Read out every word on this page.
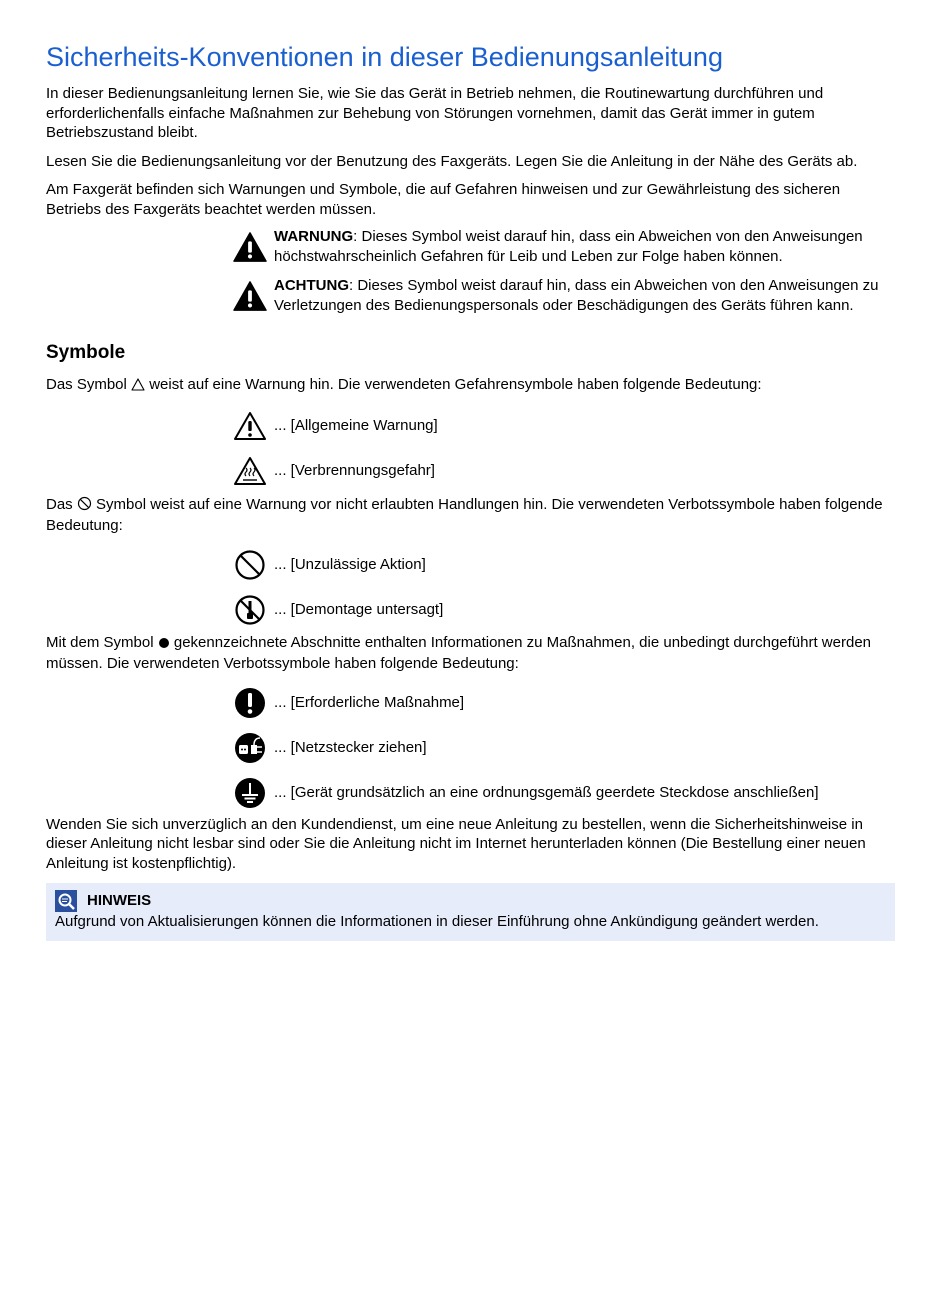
Sicherheits-Konventionen in dieser Bedienungsanleitung

In dieser Bedienungsanleitung lernen Sie, wie Sie das Gerät in Betrieb nehmen, die Routinewartung durchführen und erforderlichenfalls einfache Maßnahmen zur Behebung von Störungen vornehmen, damit das Gerät immer in gutem Betriebszustand bleibt.

Lesen Sie die Bedienungsanleitung vor der Benutzung des Faxgeräts. Legen Sie die Anleitung in der Nähe des Geräts ab.

Am Faxgerät befinden sich Warnungen und Symbole, die auf Gefahren hinweisen und zur Gewährleistung des sicheren Betriebs des Faxgeräts beachtet werden müssen.

WARNUNG: Dieses Symbol weist darauf hin, dass ein Abweichen von den Anweisungen höchstwahrscheinlich Gefahren für Leib und Leben zur Folge haben können.
ACHTUNG: Dieses Symbol weist darauf hin, dass ein Abweichen von den Anweisungen zu Verletzungen des Bedienungspersonals oder Beschädigungen des Geräts führen kann.
Symbole

Das Symbol  weist auf eine Warnung hin. Die verwendeten Gefahrensymbole haben folgende Bedeutung:

... [Allgemeine Warnung]
... [Verbrennungsgefahr]

Das  Symbol weist auf eine Warnung vor nicht erlaubten Handlungen hin. Die verwendeten Verbotssymbole haben folgende Bedeutung:

... [Unzulässige Aktion]
... [Demontage untersagt]

Mit dem Symbol  gekennzeichnete Abschnitte enthalten Informationen zu Maßnahmen, die unbedingt durchgeführt werden müssen. Die verwendeten Verbotssymbole haben folgende Bedeutung:

... [Erforderliche Maßnahme]
... [Netzstecker ziehen]
... [Gerät grundsätzlich an eine ordnungsgemäß geerdete Steckdose anschließen]

Wenden Sie sich unverzüglich an den Kundendienst, um eine neue Anleitung zu bestellen, wenn die Sicherheitshinweise in dieser Anleitung nicht lesbar sind oder Sie die Anleitung nicht im Internet herunterladen können (Die Bestellung einer neuen Anleitung ist kostenpflichtig).

HINWEIS
Aufgrund von Aktualisierungen können die Informationen in dieser Einführung ohne Ankündigung geändert werden.
